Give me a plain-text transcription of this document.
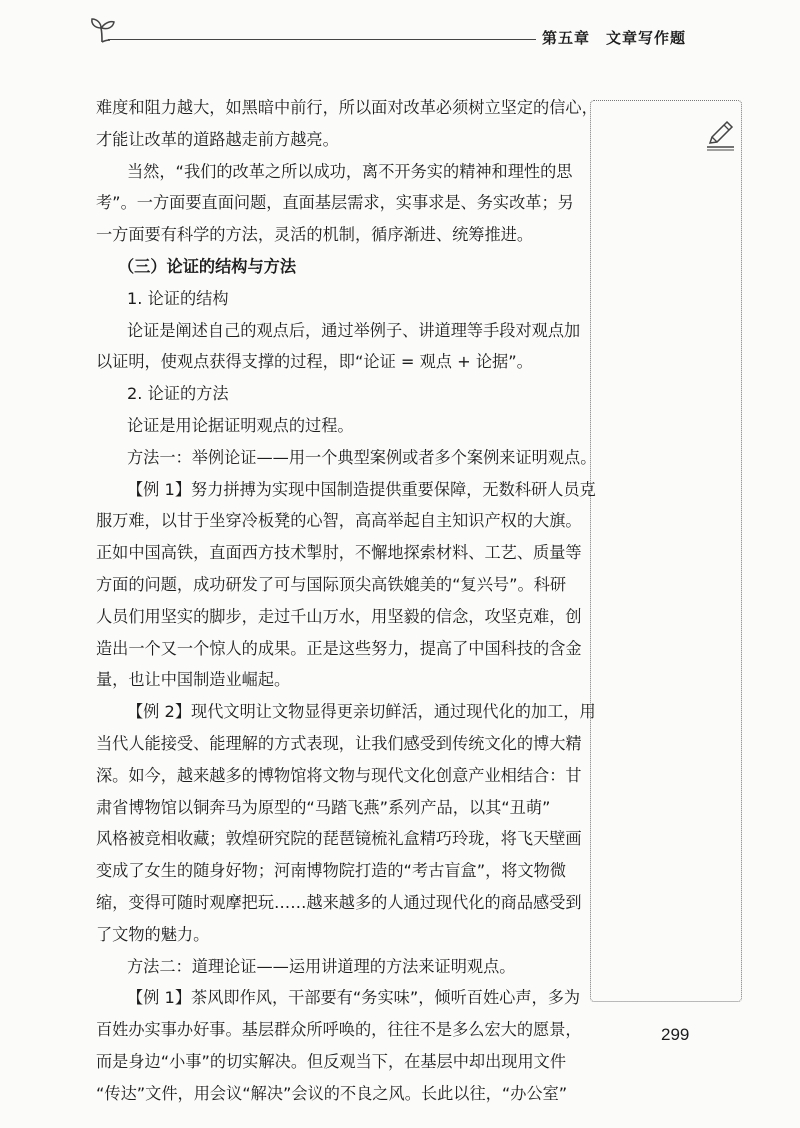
第五章　文章写作题
难度和阻力越大，如黑暗中前行，所以面对改革必须树立坚定的信心，
才能让改革的道路越走前方越亮。
当然，“我们的改革之所以成功，离不开务实的精神和理性的思
考”。一方面要直面问题，直面基层需求，实事求是、务实改革；另
一方面要有科学的方法，灵活的机制，循序渐进、统筹推进。
（三）论证的结构与方法
1. 论证的结构
论证是阐述自己的观点后，通过举例子、讲道理等手段对观点加
以证明，使观点获得支撑的过程，即“论证 = 观点 + 论据”。
2. 论证的方法
论证是用论据证明观点的过程。
方法一：举例论证——用一个典型案例或者多个案例来证明观点。
【例 1】努力拼搏为实现中国制造提供重要保障，无数科研人员克
服万难，以甘于坐穿冷板凳的心智，高高举起自主知识产权的大旗。
正如中国高铁，直面西方技术掣肘，不懈地探索材料、工艺、质量等
方面的问题，成功研发了可与国际顶尖高铁媲美的“复兴号”。科研
人员们用坚实的脚步，走过千山万水，用坚毅的信念，攻坚克难，创
造出一个又一个惊人的成果。正是这些努力，提高了中国科技的含金
量，也让中国制造业崛起。
【例 2】现代文明让文物显得更亲切鲜活，通过现代化的加工，用
当代人能接受、能理解的方式表现，让我们感受到传统文化的博大精
深。如今，越来越多的博物馆将文物与现代文化创意产业相结合：甘
肃省博物馆以铜奔马为原型的“马踏飞燕”系列产品，以其“丑萌”
风格被竞相收藏；敦煌研究院的琵琶镜梳礼盒精巧玲珑，将飞天壁画
变成了女生的随身好物；河南博物院打造的“考古盲盒”，将文物微
缩，变得可随时观摩把玩……越来越多的人通过现代化的商品感受到
了文物的魅力。
方法二：道理论证——运用讲道理的方法来证明观点。
【例 1】茶风即作风，干部要有“务实味”，倾听百姓心声，多为
百姓办实事办好事。基层群众所呼唤的，往往不是多么宏大的愿景，
而是身边“小事”的切实解决。但反观当下，在基层中却出现用文件
“传达”文件，用会议“解决”会议的不良之风。长此以往，“办公室”
299
